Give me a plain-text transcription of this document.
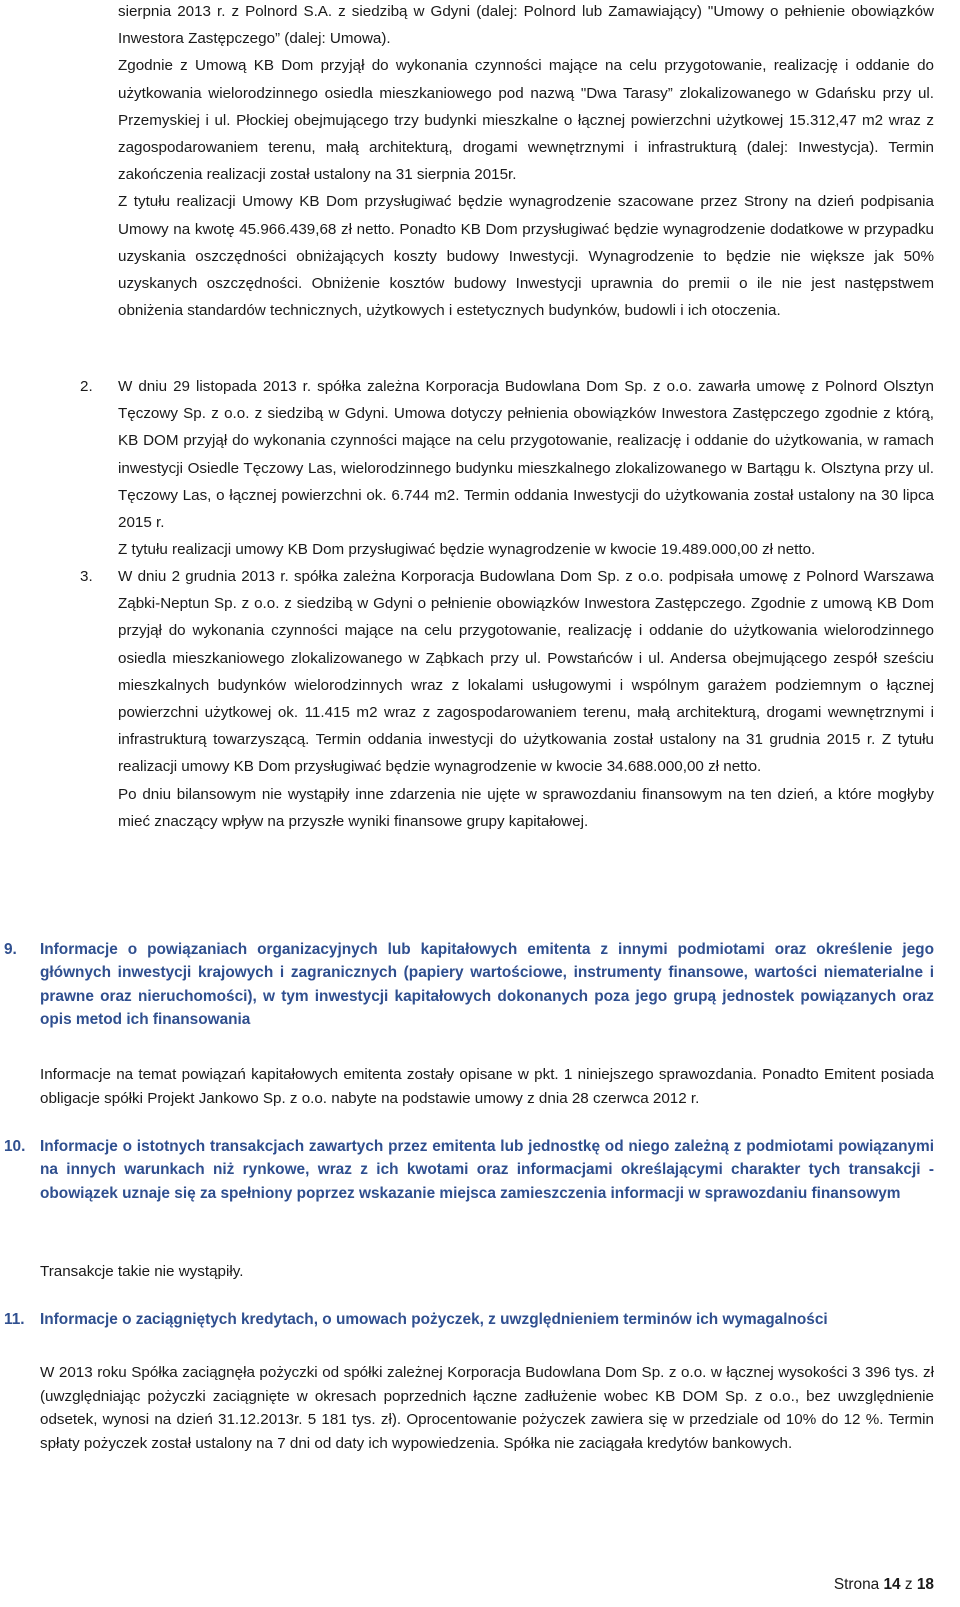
sierpnia 2013 r. z Polnord S.A. z siedzibą w Gdyni (dalej: Polnord lub Zamawiający) "Umowy o pełnienie obowiązków Inwestora Zastępczego” (dalej: Umowa).

Zgodnie z Umową KB Dom przyjął do wykonania czynności mające na celu przygotowanie, realizację i oddanie do użytkowania wielorodzinnego osiedla mieszkaniowego pod nazwą "Dwa Tarasy” zlokalizowanego w Gdańsku przy ul. Przemyskiej i ul. Płockiej obejmującego trzy budynki mieszkalne o łącznej powierzchni użytkowej 15.312,47 m2 wraz z zagospodarowaniem terenu, małą architekturą, drogami wewnętrznymi i infrastrukturą (dalej: Inwestycja). Termin zakończenia realizacji został ustalony na 31 sierpnia 2015r.

Z tytułu realizacji Umowy KB Dom przysługiwać będzie wynagrodzenie szacowane przez Strony na dzień podpisania Umowy na kwotę 45.966.439,68 zł netto. Ponadto KB Dom przysługiwać będzie wynagrodzenie dodatkowe w przypadku uzyskania oszczędności obniżających koszty budowy Inwestycji. Wynagrodzenie to będzie nie większe jak 50% uzyskanych oszczędności. Obniżenie kosztów budowy Inwestycji uprawnia do premii o ile nie jest następstwem obniżenia standardów technicznych, użytkowych i estetycznych budynków, budowli i ich otoczenia.

2. W dniu 29 listopada 2013 r. spółka zależna Korporacja Budowlana Dom Sp. z o.o. zawarła umowę z Polnord Olsztyn Tęczowy Sp. z o.o. z siedzibą w Gdyni. Umowa dotyczy pełnienia obowiązków Inwestora Zastępczego zgodnie z którą, KB DOM przyjął do wykonania czynności mające na celu przygotowanie, realizację i oddanie do użytkowania, w ramach inwestycji Osiedle Tęczowy Las, wielorodzinnego budynku mieszkalnego zlokalizowanego w Bartągu k. Olsztyna przy ul. Tęczowy Las, o łącznej powierzchni ok. 6.744 m2. Termin oddania Inwestycji do użytkowania został ustalony na 30 lipca 2015 r.

Z tytułu realizacji umowy KB Dom przysługiwać będzie wynagrodzenie w kwocie 19.489.000,00 zł netto.

3. W dniu 2 grudnia 2013 r. spółka zależna Korporacja Budowlana Dom Sp. z o.o. podpisała umowę z Polnord Warszawa Ząbki-Neptun Sp. z o.o. z siedzibą w Gdyni o pełnienie obowiązków Inwestora Zastępczego. Zgodnie z umową KB Dom przyjął do wykonania czynności mające na celu przygotowanie, realizację i oddanie do użytkowania wielorodzinnego osiedla mieszkaniowego zlokalizowanego w Ząbkach przy ul. Powstańców i ul. Andersa obejmującego zespół sześciu mieszkalnych budynków wielorodzinnych wraz z lokalami usługowymi i wspólnym garażem podziemnym o łącznej powierzchni użytkowej ok. 11.415 m2 wraz z zagospodarowaniem terenu, małą architekturą, drogami wewnętrznymi i infrastrukturą towarzyszącą. Termin oddania inwestycji do użytkowania został ustalony na 31 grudnia 2015 r. Z tytułu realizacji umowy KB Dom przysługiwać będzie wynagrodzenie w kwocie 34.688.000,00 zł netto.

Po dniu bilansowym nie wystąpiły inne zdarzenia nie ujęte w sprawozdaniu finansowym na ten dzień, a które mogłyby mieć znaczący wpływ na przyszłe wyniki finansowe grupy kapitałowej.

9. Informacje o powiązaniach organizacyjnych lub kapitałowych emitenta z innymi podmiotami oraz określenie jego głównych inwestycji krajowych i zagranicznych (papiery wartościowe, instrumenty finansowe, wartości niematerialne i prawne oraz nieruchomości), w tym inwestycji kapitałowych dokonanych poza jego grupą jednostek powiązanych oraz opis metod ich finansowania

Informacje na temat powiązań kapitałowych emitenta zostały opisane w pkt. 1 niniejszego sprawozdania. Ponadto Emitent posiada obligacje spółki Projekt Jankowo Sp. z o.o. nabyte na podstawie umowy z dnia 28 czerwca 2012 r.

10. Informacje o istotnych transakcjach zawartych przez emitenta lub jednostkę od niego zależną z podmiotami powiązanymi na innych warunkach niż rynkowe, wraz z ich kwotami oraz informacjami określającymi charakter tych transakcji - obowiązek uznaje się za spełniony poprzez wskazanie miejsca zamieszczenia informacji w sprawozdaniu finansowym

Transakcje takie nie wystąpiły.

11. Informacje o zaciągniętych kredytach, o umowach pożyczek, z uwzględnieniem terminów ich wymagalności

W 2013 roku Spółka zaciągnęła pożyczki od spółki zależnej Korporacja Budowlana Dom Sp. z o.o. w łącznej wysokości 3 396 tys. zł (uwzględniając pożyczki zaciągnięte w okresach poprzednich łączne zadłużenie wobec KB DOM Sp. z o.o., bez uwzględnienie odsetek, wynosi na dzień 31.12.2013r. 5 181 tys. zł). Oprocentowanie pożyczek zawiera się w przedziale od 10% do 12 %. Termin spłaty pożyczek został ustalony na 7 dni od daty ich wypowiedzenia. Spółka nie zaciągała kredytów bankowych.

Strona 14 z 18
